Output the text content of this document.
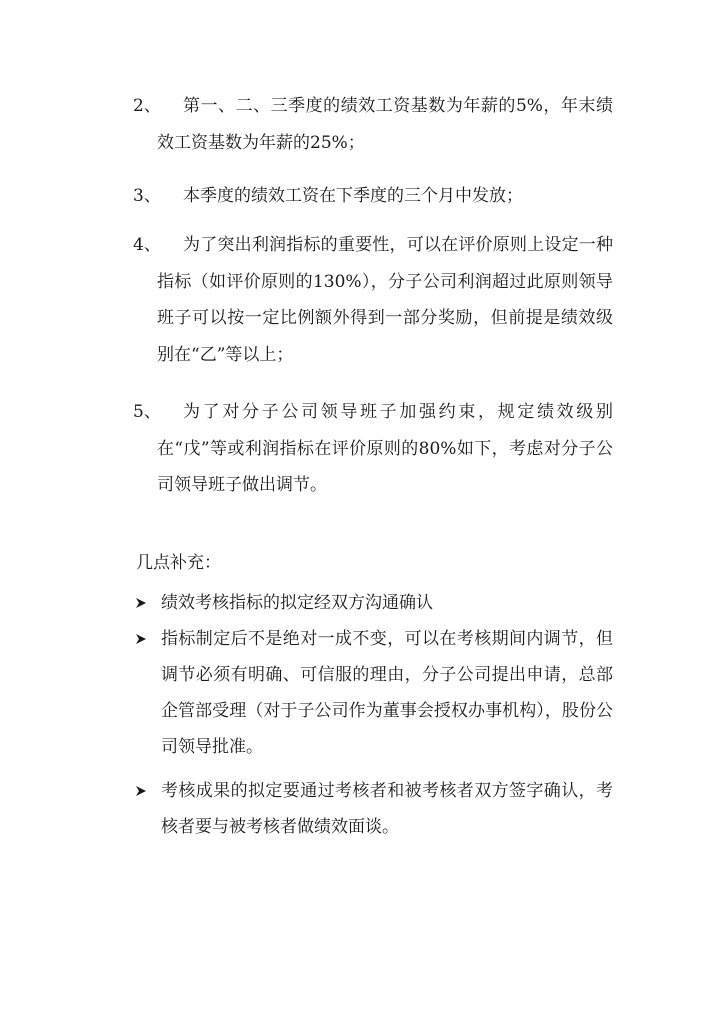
2、	第一、二、三季度的绩效工资基数为年薪的5%，年末绩效工资基数为年薪的25%；
3、	本季度的绩效工资在下季度的三个月中发放；
4、	为了突出利润指标的重要性，可以在评价原则上设定一种指标（如评价原则的130%），分子公司利润超过此原则领导班子可以按一定比例额外得到一部分奖励，但前提是绩效级别在“乙”等以上；
5、	为了对分子公司领导班子加强约束，规定绩效级别在“戊”等或利润指标在评价原则的80%如下，考虑对分子公司领导班子做出调节。
几点补充：
绩效考核指标的拟定经双方沟通确认
指标制定后不是绝对一成不变，可以在考核期间内调节，但调节必须有明确、可信服的理由，分子公司提出申请，总部企管部受理（对于子公司作为董事会授权办事机构），股份公司领导批准。
考核成果的拟定要通过考核者和被考核者双方签字确认，考核者要与被考核者做绩效面谈。
